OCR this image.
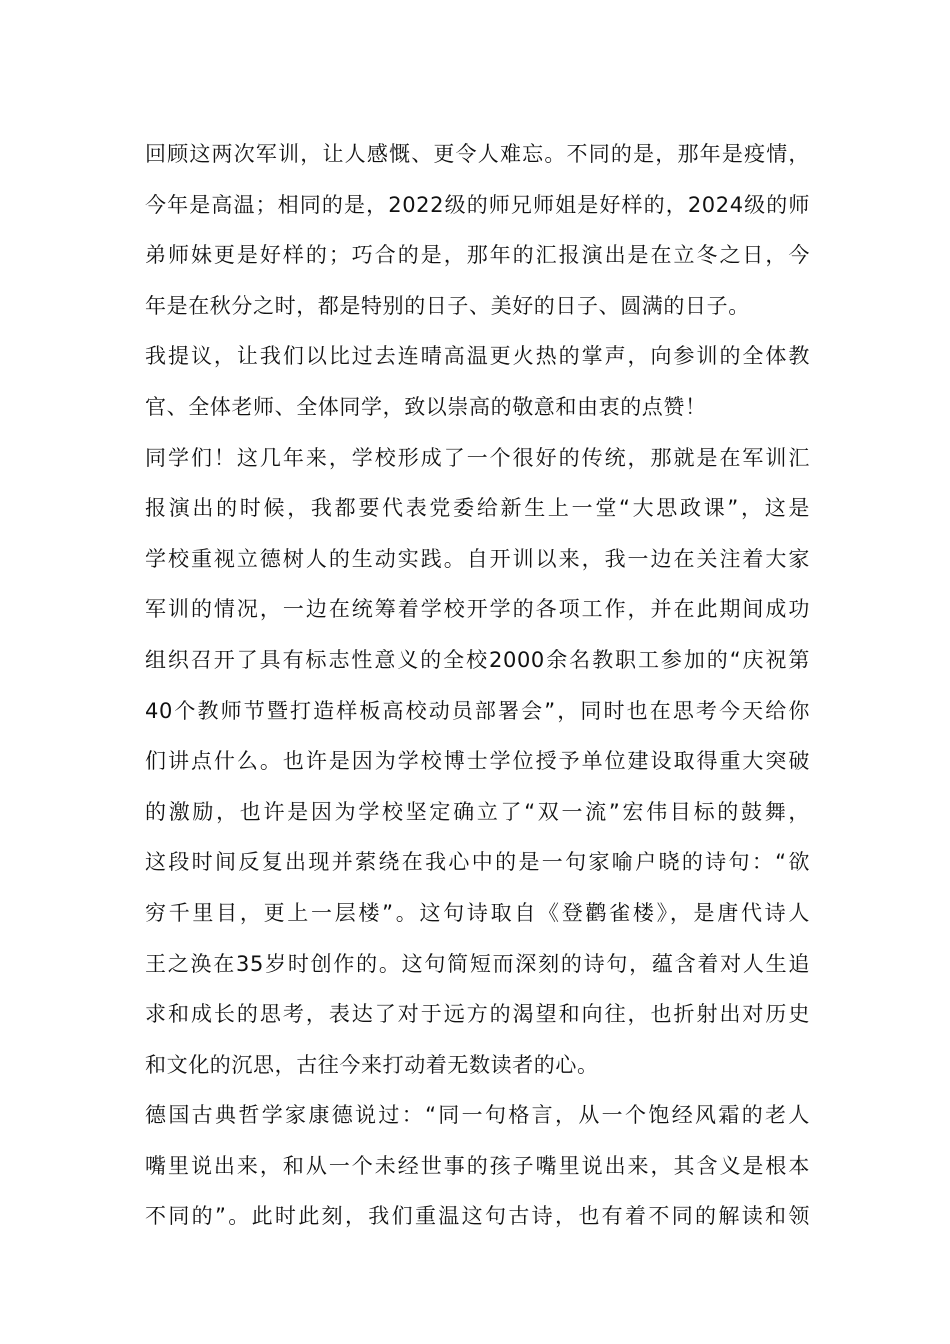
回顾这两次军训，让人感慨、更令人难忘。不同的是，那年是疫情，
今年是高温；相同的是，2022级的师兄师姐是好样的，2024级的师
弟师妹更是好样的；巧合的是，那年的汇报演出是在立冬之日，今
年是在秋分之时，都是特别的日子、美好的日子、圆满的日子。
我提议，让我们以比过去连晴高温更火热的掌声，向参训的全体教
官、全体老师、全体同学，致以崇高的敬意和由衷的点赞！
同学们！这几年来，学校形成了一个很好的传统，那就是在军训汇
报演出的时候，我都要代表党委给新生上一堂“大思政课”，这是
学校重视立德树人的生动实践。自开训以来，我一边在关注着大家
军训的情况，一边在统筹着学校开学的各项工作，并在此期间成功
组织召开了具有标志性意义的全校2000余名教职工参加的“庆祝第
40个教师节暨打造样板高校动员部署会”，同时也在思考今天给你
们讲点什么。也许是因为学校博士学位授予单位建设取得重大突破
的激励，也许是因为学校坚定确立了“双一流”宏伟目标的鼓舞，
这段时间反复出现并萦绕在我心中的是一句家喻户晓的诗句：“欲
穷千里目，更上一层楼”。这句诗取自《登鹳雀楼》，是唐代诗人
王之涣在35岁时创作的。这句简短而深刻的诗句，蕴含着对人生追
求和成长的思考，表达了对于远方的渴望和向往，也折射出对历史
和文化的沉思，古往今来打动着无数读者的心。
德国古典哲学家康德说过：“同一句格言，从一个饱经风霜的老人
嘴里说出来，和从一个未经世事的孩子嘴里说出来，其含义是根本
不同的”。此时此刻，我们重温这句古诗，也有着不同的解读和领
